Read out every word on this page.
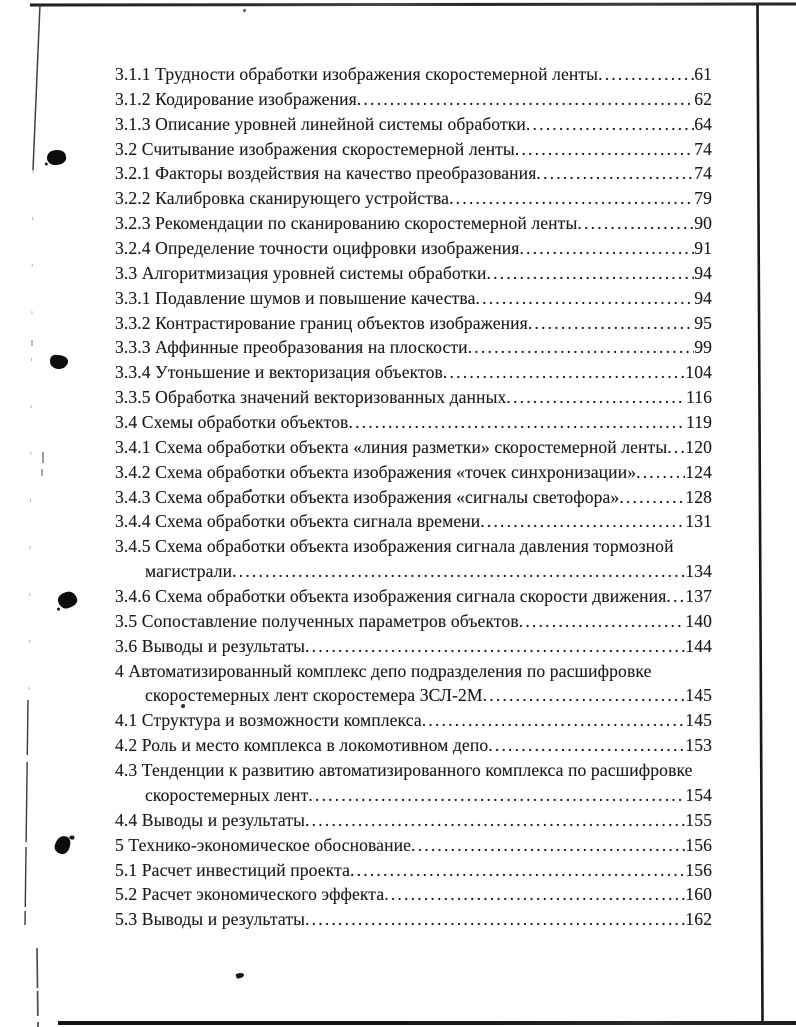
3.1.1 Трудности обработки изображения скоростемерной ленты .....	61
3.1.2 Кодирование изображения .....	62
3.1.3 Описание уровней линейной системы обработки .....	64
3.2 Считывание изображения скоростемерной ленты .....	74
3.2.1 Факторы воздействия на качество преобразования .....	74
3.2.2 Калибровка сканирующего устройства .....	79
3.2.3 Рекомендации по сканированию скоростемерной ленты .....	90
3.2.4 Определение точности оцифровки изображения .....	91
3.3 Алгоритмизация уровней системы обработки .....	94
3.3.1 Подавление шумов и повышение качества .....	94
3.3.2 Контрастирование границ объектов изображения .....	95
3.3.3 Аффинные преобразования на плоскости .....	99
3.3.4 Утоньшение и векторизация объектов .....	104
3.3.5 Обработка значений векторизованных данных .....	116
3.4 Схемы обработки объектов .....	119
3.4.1 Схема обработки объекта «линия разметки» скоростемерной ленты ..... 120
3.4.2 Схема обработки объекта изображения «точек синхронизации» .....	124
3.4.3 Схема обработки объекта изображения «сигналы светофора» .....	128
3.4.4 Схема обработки объекта сигнала времени .....	131
3.4.5 Схема обработки объекта изображения сигнала давления тормозной
магистрали .....	134
3.4.6 Схема обработки объекта изображения сигнала скорости движения ..... 137
3.5 Сопоставление полученных параметров объектов .....	140
3.6 Выводы и результаты .....	144
4 Автоматизированный комплекс депо подразделения по расшифровке
скоростемерных лент скоростемера 3СЛ-2М .....	145
4.1 Структура и возможности комплекса .....	145
4.2 Роль и место комплекса в локомотивном депо .....	153
4.3 Тенденции к развитию автоматизированного комплекса по расшифровке
скоростемерных лент .....	154
4.4 Выводы и результаты .....	155
5 Технико-экономическое обоснование .....	156
5.1 Расчет инвестиций проекта .....	156
5.2 Расчет экономического эффекта .....	160
5.3 Выводы и результаты .....	162
